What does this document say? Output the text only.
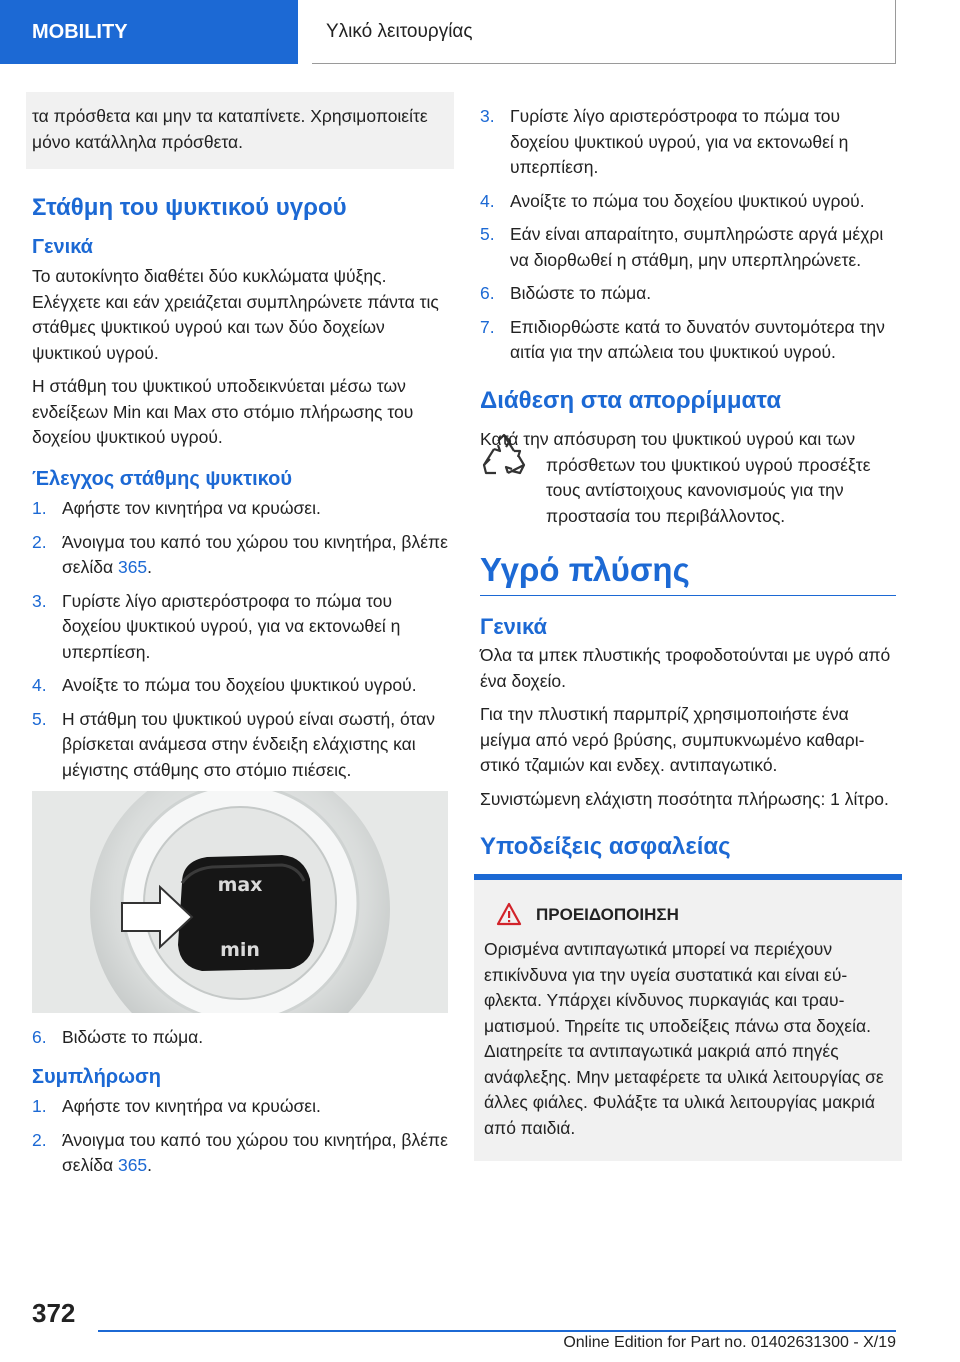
MOBILITY	Υλικό λειτουργίας
τα πρόσθετα και μην τα καταπίνετε. Χρησιμοποιείτε μόνο κατάλληλα πρόσθετα.
Στάθμη του ψυκτικού υγρού
Γενικά

Το αυτοκίνητο διαθέτει δύο κυκλώματα ψύξης. Ελέγχετε και εάν χρειάζεται συμπληρώνετε πάντα τις στάθμες ψυκτικού υγρού και των δύο δοχείων ψυκτικού υγρού.

Η στάθμη του ψυκτικού υποδεικνύεται μέσω των ενδείξεων Min και Max στο στόμιο πλήρωσης του δοχείου ψυκτικού υγρού.

Έλεγχος στάθμης ψυκτικού
1. Αφήστε τον κινητήρα να κρυώσει.
2. Άνοιγμα του καπό του χώρου του κινητήρα, βλέπε σελίδα 365.
3. Γυρίστε λίγο αριστερόστροφα το πώμα του δοχείου ψυκτικού υγρού, για να εκτονωθεί η υπερπίεση.
4. Ανοίξτε το πώμα του δοχείου ψυκτικού υγρού.
5. Η στάθμη του ψυκτικού υγρού είναι σωστή, όταν βρίσκεται ανάμεσα στην ένδειξη ελάχιστης και μέγιστης στάθμης στο στόμιο πιέσεις.
max
min
6. Βιδώστε το πώμα.
Συμπλήρωση
1. Αφήστε τον κινητήρα να κρυώσει.
2. Άνοιγμα του καπό του χώρου του κινητήρα, βλέπε σελίδα 365.
3. Γυρίστε λίγο αριστερόστροφα το πώμα του δοχείου ψυκτικού υγρού, για να εκτονωθεί η υπερπίεση.
4. Ανοίξτε το πώμα του δοχείου ψυκτικού υγρού.
5. Εάν είναι απαραίτητο, συμπληρώστε αργά μέχρι να διορθωθεί η στάθμη, μην υπερπληρώνετε.
6. Βιδώστε το πώμα.
7. Επιδιορθώστε κατά το δυνατόν συντομότερα την αιτία για την απώλεια του ψυκτικού υγρού.
Διάθεση στα απορρίμματα
Κατά την απόσυρση του ψυκτικού υγρού και των πρόσθετων του ψυκτικού υγρού προσέξτε τους αντίστοιχους κανονισμούς για την προστασία του περιβάλλοντος.
Υγρό πλύσης
Γενικά

Όλα τα μπεκ πλυστικής τροφοδοτούνται με υγρό από ένα δοχείο.

Για την πλυστική παρμπρίζ χρησιμοποιήστε ένα μείγμα από νερό βρύσης, συμπυκνωμένο καθαριστικό τζαμιών και ενδεχ. αντιπαγωτικό.

Συνιστώμενη ελάχιστη ποσότητα πλήρωσης: 1 λίτρο.

Υποδείξεις ασφαλείας
ΠΡΟΕΙΔΟΠΟΙΗΣΗ
Ορισμένα αντιπαγωτικά μπορεί να περιέχουν επικίνδυνα για την υγεία συστατικά και είναι εύφλεκτα. Υπάρχει κίνδυνος πυρκαγιάς και τραυματισμού. Τηρείτε τις υποδείξεις πάνω στα δοχεία. Διατηρείτε τα αντιπαγωτικά μακριά από πηγές ανάφλεξης. Μην μεταφέρετε τα υλικά λειτουργίας σε άλλες φιάλες. Φυλάξτε τα υλικά λειτουργίας μακριά από παιδιά.
372
Online Edition for Part no. 01402631300 - X/19
